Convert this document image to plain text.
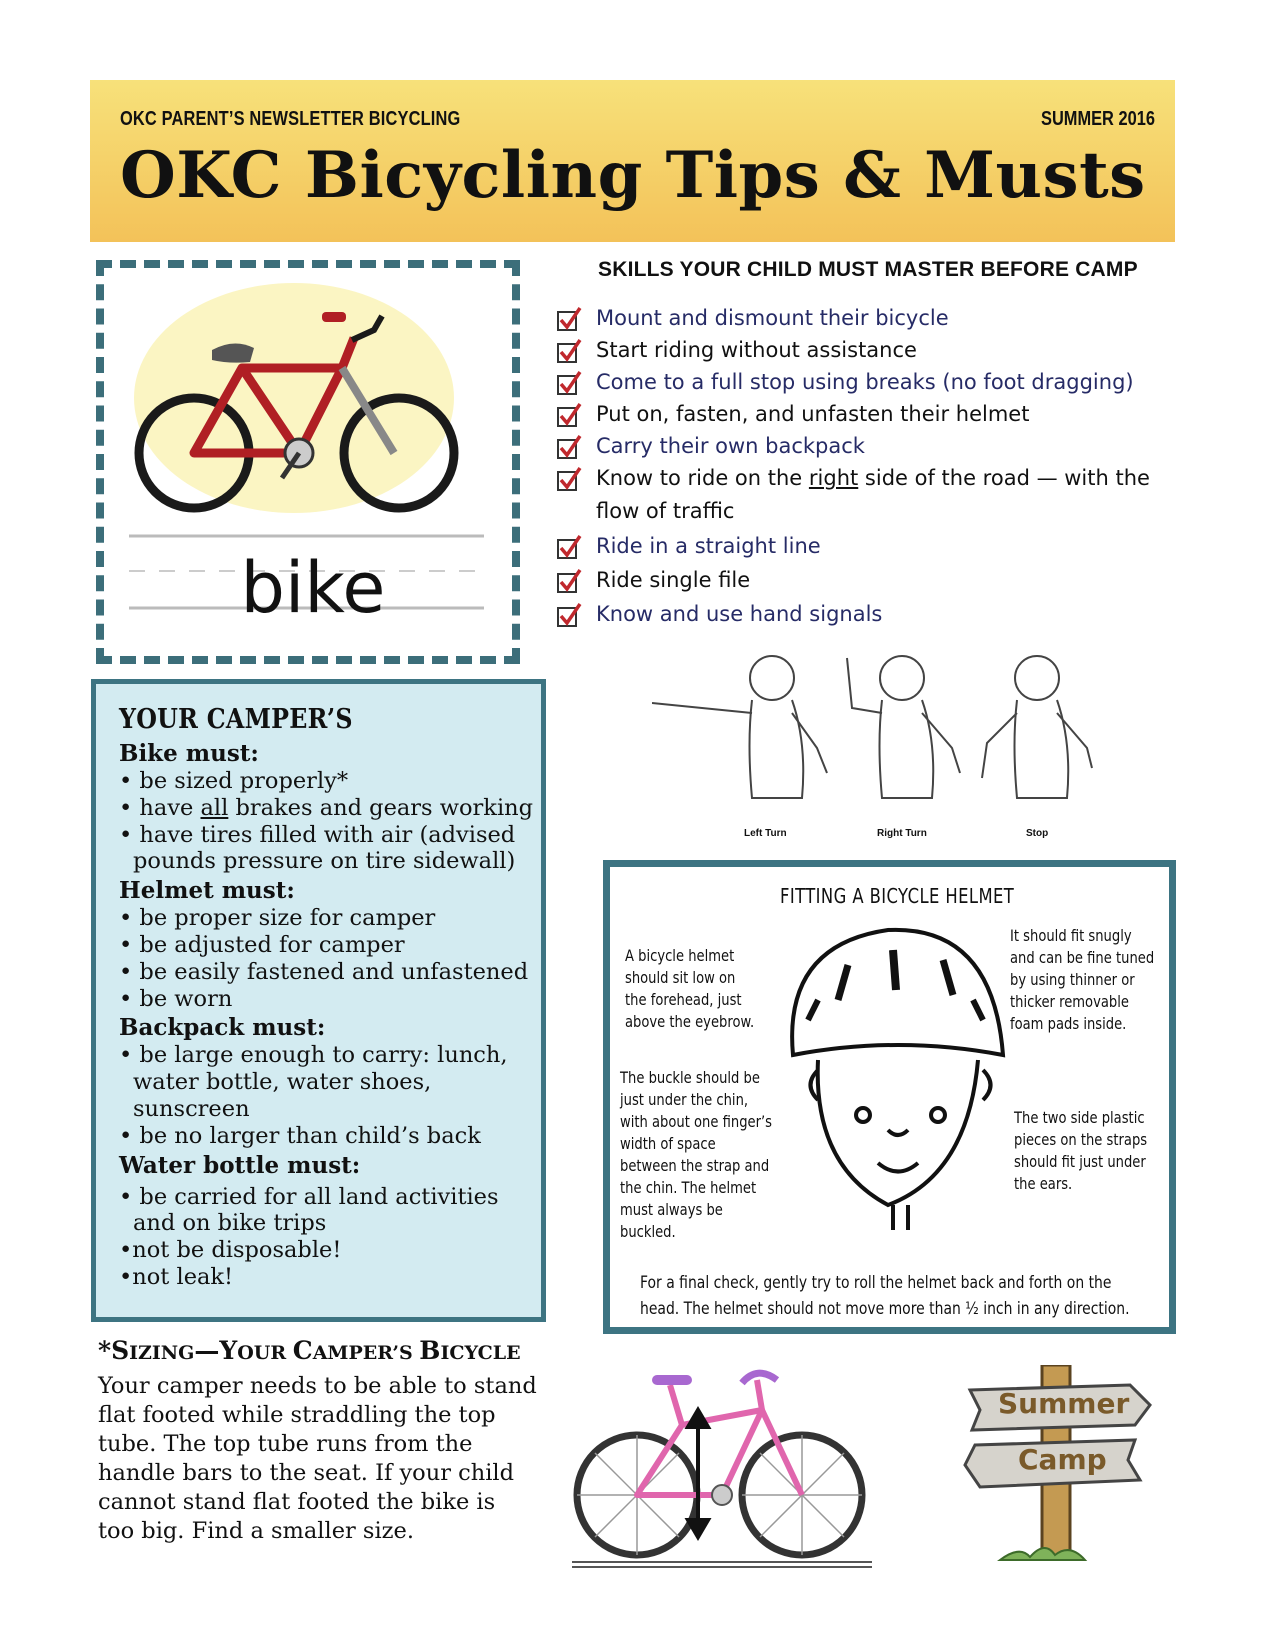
OKC PARENT’S NEWSLETTER BICYCLING	SUMMER 2016
OKC Bicycling Tips & Musts
bike
SKILLS YOUR CHILD MUST MASTER BEFORE CAMP
Mount and dismount their bicycle
Start riding without assistance
Come to a full stop using breaks (no foot dragging)
Put on, fasten, and unfasten their helmet
Carry their own backpack
Know to ride on the right side of the road — with the flow of traffic
Ride in a straight line
Ride single file
Know and use hand signals
Left Turn	Right Turn	Stop
YOUR CAMPER’S
Bike must:
• be sized properly*
• have all brakes and gears working
• have tires filled with air (advised pounds pressure on tire sidewall)
Helmet must:
• be proper size for camper
• be adjusted for camper
• be easily fastened and unfastened
• be worn
Backpack must:
• be large enough to carry: lunch, water bottle, water shoes, sunscreen
• be no larger than child’s back
Water bottle must:
• be carried for all land activities and on bike trips
•not be disposable!
•not leak!
*SIZING—YOUR CAMPER’S BICYCLE
Your camper needs to be able to stand flat footed while straddling the top tube. The top tube runs from the handle bars to the seat. If your child cannot stand flat footed the bike is too big. Find a smaller size.
FITTING A BICYCLE HELMET
A bicycle helmet should sit low on the forehead, just above the eyebrow.
It should fit snugly and can be fine tuned by using thinner or thicker removable foam pads inside.
The buckle should be just under the chin, with about one finger’s width of space between the strap and the chin. The helmet must always be buckled.
The two side plastic pieces on the straps should fit just under the ears.
For a final check, gently try to roll the helmet back and forth on the head. The helmet should not move more than ½ inch in any direction.
Summer
Camp
